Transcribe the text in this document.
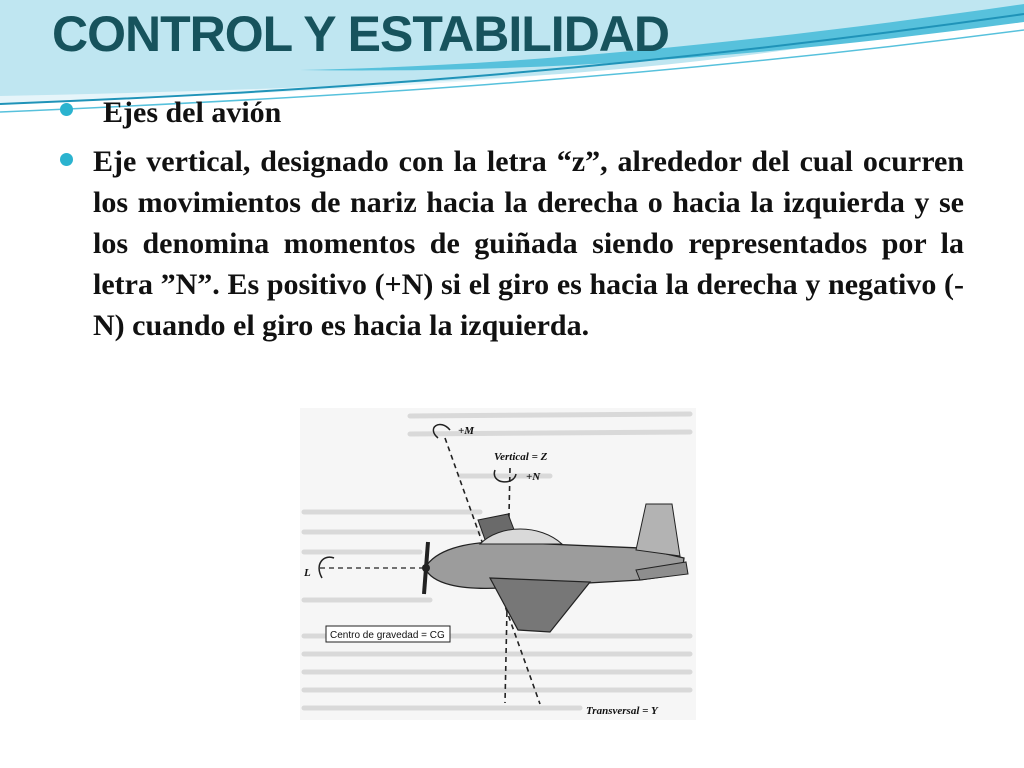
CONTROL Y ESTABILIDAD
Ejes del avión
Eje vertical, designado con la letra “z”, alrededor del cual ocurren los movimientos de nariz hacia la derecha o hacia la izquierda y se los denomina momentos de guiñada siendo representados por la letra ”N”. Es positivo (+N) si el giro es hacia la derecha y negativo (-N) cuando el giro es hacia la izquierda.
+M
Vertical = Z
+N
L
Centro de gravedad = CG
Transversal = Y
